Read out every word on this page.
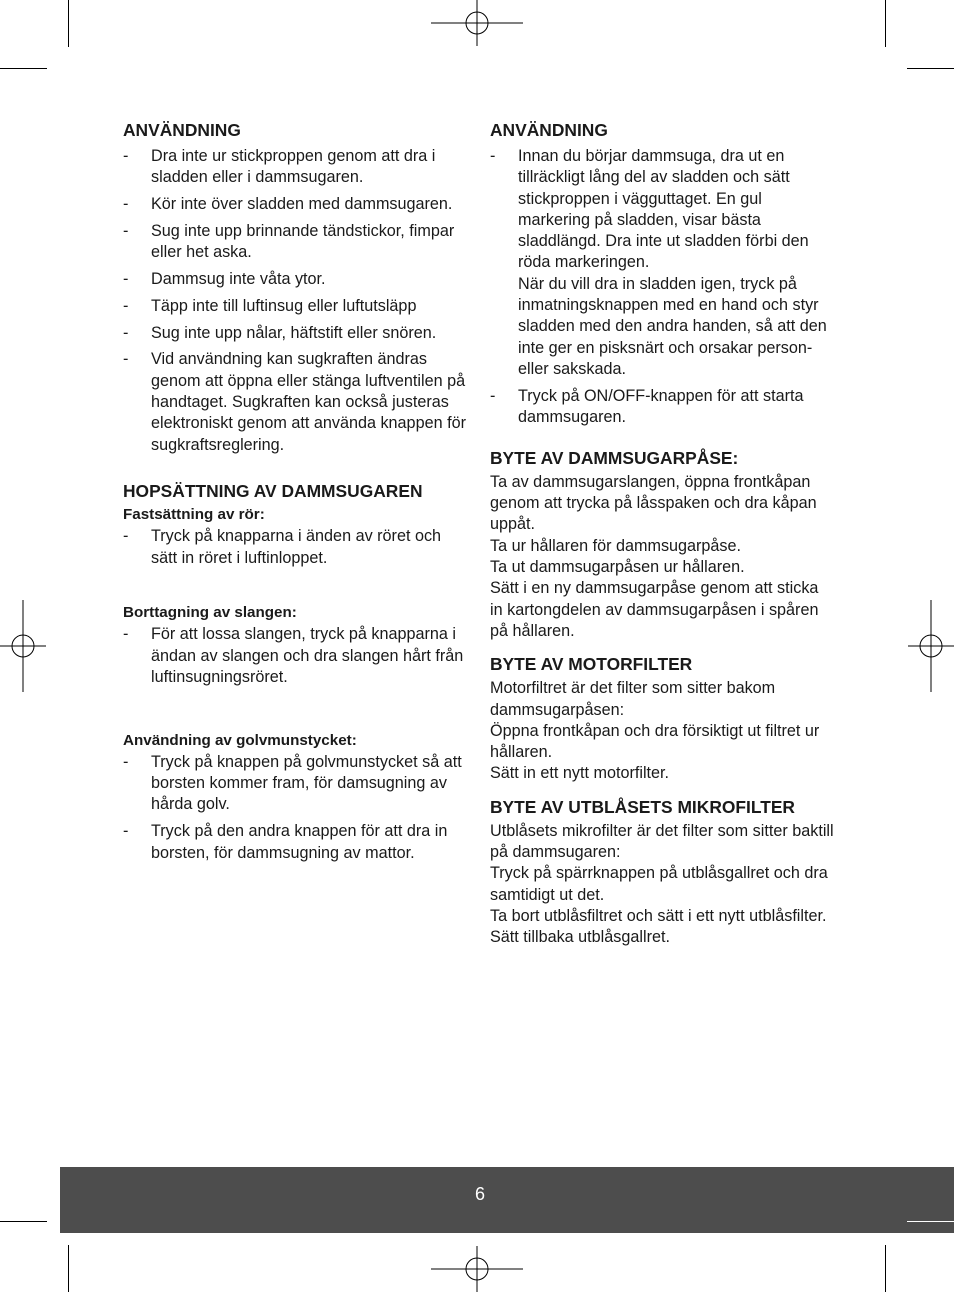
ANVÄNDNING
- Dra inte ur stickproppen genom att dra i sladden eller i dammsugaren.
- Kör inte över sladden med dammsugaren.
- Sug inte upp brinnande tändstickor, fimpar eller het aska.
- Dammsug inte våta ytor.
- Täpp inte till luftinsug eller luftutsläpp
- Sug inte upp nålar, häftstift eller snören.
- Vid användning kan sugkraften ändras genom att öppna eller stänga luftventilen på handtaget. Sugkraften kan också justeras elektroniskt genom att använda knappen för sugkraftsreglering.
HOPSÄTTNING AV DAMMSUGAREN
Fastsättning av rör:
- Tryck på knapparna i änden av röret och sätt in röret i luftinloppet.
Borttagning av slangen:
- För att lossa slangen, tryck på knapparna i ändan av slangen och dra slangen hårt från luftinsugningsröret.
Användning av golvmunstycket:
- Tryck på knappen på golvmunstycket så att borsten kommer fram, för damsugning av hårda golv.
- Tryck på den andra knappen för att dra in borsten, för dammsugning av mattor.
ANVÄNDNING
- Innan du börjar dammsuga, dra ut en tillräckligt lång del av sladden och sätt stickproppen i vägguttaget. En gul markering på sladden, visar bästa sladdlängd. Dra inte ut sladden förbi den röda markeringen.
När du vill dra in sladden igen, tryck på inmatningsknappen med en hand och styr sladden med den andra handen, så att den inte ger en pisksnärt och orsakar person- eller sakskada.
- Tryck på ON/OFF-knappen för att starta dammsugaren.
BYTE AV DAMMSUGARPÅSE:

Ta av dammsugarslangen, öppna frontkåpan genom att trycka på låsspaken och dra kåpan uppåt.
Ta ur hållaren för dammsugarpåse.
Ta ut dammsugarpåsen ur hållaren.
Sätt i en ny dammsugarpåse genom att sticka in kartongdelen av dammsugarpåsen i spåren på hållaren.

BYTE AV MOTORFILTER

Motorfiltret är det filter som sitter bakom dammsugarpåsen:
Öppna frontkåpan och dra försiktigt ut filtret ur hållaren.
Sätt in ett nytt motorfilter.

BYTE AV UTBLÅSETS MIKROFILTER

Utblåsets mikrofilter är det filter som sitter baktill på dammsugaren:
Tryck på spärrknappen på utblåsgallret och dra samtidigt ut det.
Ta bort utblåsfiltret och sätt i ett nytt utblåsfilter.
Sätt tillbaka utblåsgallret.

6
